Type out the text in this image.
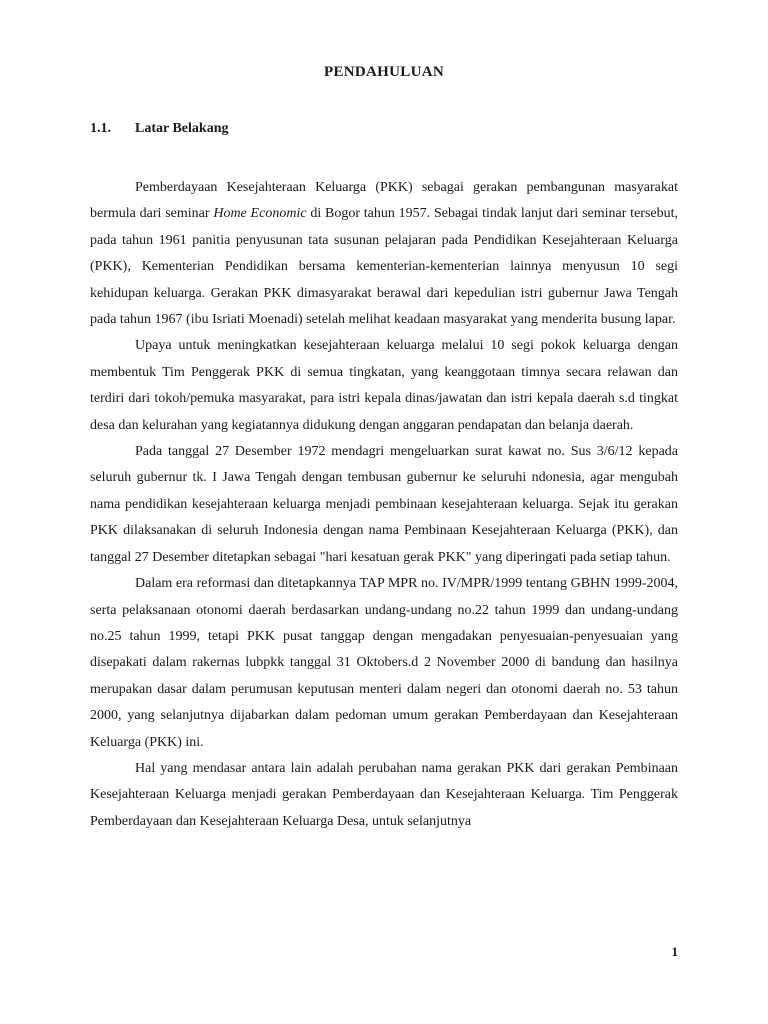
PENDAHULUAN
1.1. Latar Belakang

Pemberdayaan Kesejahteraan Keluarga (PKK) sebagai gerakan pembangunan masyarakat bermula dari seminar Home Economic di Bogor tahun 1957. Sebagai tindak lanjut dari seminar tersebut, pada tahun 1961 panitia penyusunan tata susunan pelajaran pada Pendidikan Kesejahteraan Keluarga (PKK), Kementerian Pendidikan bersama kementerian-kementerian lainnya menyusun 10 segi kehidupan keluarga. Gerakan PKK dimasyarakat berawal dari kepedulian istri gubernur Jawa Tengah pada tahun 1967 (ibu Isriati Moenadi) setelah melihat keadaan masyarakat yang menderita busung lapar.

Upaya untuk meningkatkan kesejahteraan keluarga melalui 10 segi pokok keluarga dengan membentuk Tim Penggerak PKK di semua tingkatan, yang keanggotaan timnya secara relawan dan terdiri dari tokoh/pemuka masyarakat, para istri kepala dinas/jawatan dan istri kepala daerah s.d tingkat desa dan kelurahan yang kegiatannya didukung dengan anggaran pendapatan dan belanja daerah.

Pada tanggal 27 Desember 1972 mendagri mengeluarkan surat kawat no. Sus 3/6/12 kepada seluruh gubernur tk. I Jawa Tengah dengan tembusan gubernur ke seluruhi ndonesia, agar mengubah nama pendidikan kesejahteraan keluarga menjadi pembinaan kesejahteraan keluarga. Sejak itu gerakan PKK dilaksanakan di seluruh Indonesia dengan nama Pembinaan Kesejahteraan Keluarga (PKK), dan tanggal 27 Desember ditetapkan sebagai "hari kesatuan gerak PKK" yang diperingati pada setiap tahun.

Dalam era reformasi dan ditetapkannya TAP MPR no. IV/MPR/1999 tentang GBHN 1999-2004, serta pelaksanaan otonomi daerah berdasarkan undang-undang no.22 tahun 1999 dan undang-undang no.25 tahun 1999, tetapi PKK pusat tanggap dengan mengadakan penyesuaian-penyesuaian yang disepakati dalam rakernas lubpkk tanggal 31 Oktobers.d 2 November 2000 di bandung dan hasilnya merupakan dasar dalam perumusan keputusan menteri dalam negeri dan otonomi daerah no. 53 tahun 2000, yang selanjutnya dijabarkan dalam pedoman umum gerakan Pemberdayaan dan Kesejahteraan Keluarga (PKK) ini.

Hal yang mendasar antara lain adalah perubahan nama gerakan PKK dari gerakan Pembinaan Kesejahteraan Keluarga menjadi gerakan Pemberdayaan dan Kesejahteraan Keluarga. Tim Penggerak Pemberdayaan dan Kesejahteraan Keluarga Desa, untuk selanjutnya

1
